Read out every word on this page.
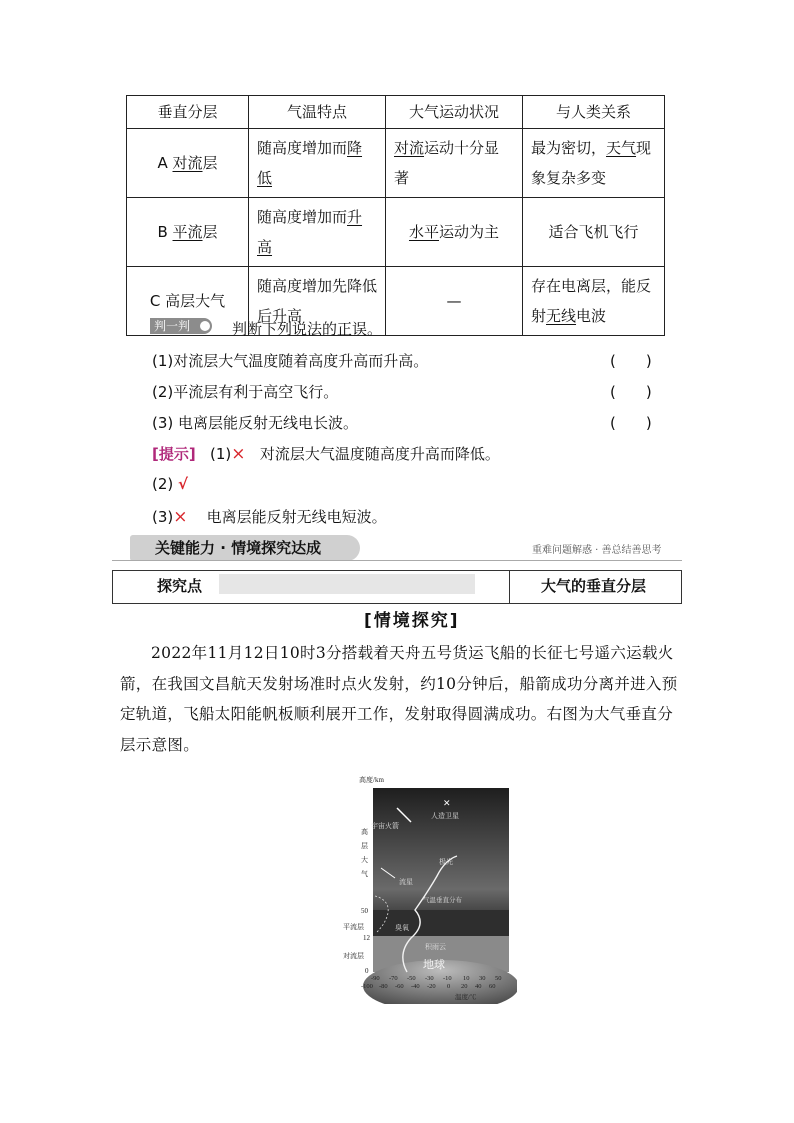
垂直分层	气温特点	大气运动状况	与人类关系
A 对流层	随高度增加而降低	对流运动十分显著	最为密切，天气现象复杂多变
B 平流层	随高度增加而升高	水平运动为主	适合飞机飞行
C 高层大气	随高度增加先降低后升高	—	存在电离层，能反射无线电波
判一判	判断下列说法的正误。
(1)对流层大气温度随着高度升高而升高。	(　　)
(2)平流层有利于高空飞行。	(　　)
(3) 电离层能反射无线电长波。	(　　)
[提示] (1)× 对流层大气温度随高度升高而降低。
(2) √
(3)× 电离层能反射无线电短波。
关键能力 · 情境探究达成	重难问题解惑 · 善总结善思考
探究点	大气的垂直分层
[情境探究]
2022年11月12日10时3分搭载着天舟五号货运飞船的长征七号遥六运载火箭，在我国文昌航天发射场准时点火发射，约10分钟后，船箭成功分离并进入预定轨道，飞船太阳能帆板顺利展开工作，发射取得圆满成功。右图为大气垂直分层示意图。
高度/km
地球
宇宙火箭
人造卫星
✕
极光
流星
气温垂直分布
臭氧
积雨云
高层大气
平流层
对流层
50
12
0
-90 -70 -50 -30 -10 10 30 50
-100 -80 -60 -40 -20 0 20 40 60
温度/℃
